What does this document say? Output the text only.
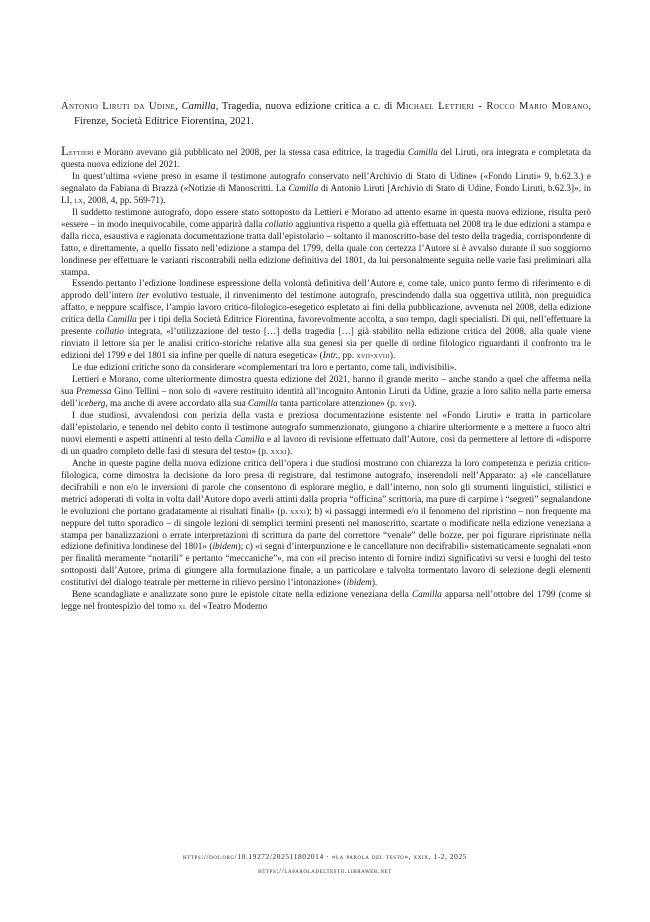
Antonio Liruti da Udine, Camilla, Tragedia, nuova edizione critica a c. di Michael Lettieri - Rocco Mario Morano, Firenze, Società Editrice Fiorentina, 2021.

Lettieri e Morano avevano già pubblicato nel 2008, per la stessa casa editrice, la tragedia Camilla del Liruti, ora integrata e completata da questa nuova edizione del 2021.

In quest’ultima «viene preso in esame il testimone autografo conservato nell’Archivio di Stato di Udine» («Fondo Liruti» 9, b.62.3.) e segnalato da Fabiana di Brazzà («Notizie di Manoscritti. La Camilla di Antonio Liruti [Archivio di Stato di Udine, Fondo Liruti, b.62.3]», in LI, lx, 2008, 4, pp. 569-71).

Il suddetto testimone autografo, dopo essere stato sottoposto da Lettieri e Morano ad attento esame in questa nuova edizione, risulta però «essere – in modo inequivocabile, come apparirà dalla collatio aggiuntiva rispetto a quella già effettuata nel 2008 tra le due edizioni a stampa e dalla ricca, esaustiva e ragionata documentazione tratta dall’epistolario – soltanto il manoscritto-base del testo della tragedia, corrispondente di fatto, e direttamente, a quello fissato nell’edizione a stampa del 1799, della quale con certezza l’Autore si è avvalso durante il suo soggiorno londinese per effettuare le varianti riscontrabili nella edizione definitiva del 1801, da lui personalmente seguita nelle varie fasi preliminari alla stampa.

Essendo pertanto l’edizione londinese espressione della volontà definitiva dell’Autore e, come tale, unico punto fermo di riferimento e di approdo dell’intero iter evolutivo testuale, il rinvenimento del testimone autografo, prescindendo dalla sua oggettiva utilità, non preguidica affatto, e neppure scalfisce, l’ampio lavoro critico-filologico-esegetico espletato ai fini della pubblicazione, avvenuta nel 2008, della edizione critica della Camilla per i tipi della Società Editrice Fiorentina, favorevolmente accolta, a suo tempo, dagli specialisti. Di qui, nell’effettuare la presente collatio integrata, «l’utilizzazione del testo […] della tragedia […] già stabilito nella edizione critica del 2008, alla quale viene rinviato il lettore sia per le analisi critico-storiche relative alla sua genesi sia per quelle di ordine filologico riguardanti il confronto tra le edizioni del 1799 e del 1801 sia infine per quelle di natura esegetica» (Intr., pp. xvii-xviii).

Le due edizioni critiche sono da considerare «complementari tra loro e pertanto, come tali, indivisibili».

Lettieri e Morano, come ulteriormente dimostra questa edizione del 2021, hanno il grande merito – anche stando a quel che afferma nella sua Premessa Gino Tellini – non solo di «avere restituito identità all’incognito Antonio Liruti da Udine, grazie a loro salito nella parte emersa dell’iceberg, ma anche di avere accordato alla sua Camilla tanta particolare attenzione» (p. xvi).

I due studiosi, avvalendosi con perizia della vasta e preziosa documentazione esistente nel «Fondo Liruti» e tratta in particolare dall’epistolario, e tenendo nel debito conto il testimone autografo summenzionato, giungono a chiarire ulteriormente e a mettere a fuoco altri nuovi elementi e aspetti attinenti al testo della Camilla e al lavoro di revisione effettuato dall’Autore, così da permettere al lettore di «disporre di un quadro completo delle fasi di stesura del testo» (p. xxxi).

Anche in queste pagine della nuova edizione critica dell’opera i due studiosi mostrano con chiarezza la loro competenza e perizia critico-filologica, come dimostra la decisione da loro presa di registrare, dal testimone autografo, inserendoli nell’Apparato: a) «le cancellature decifrabili e non e/o le inversioni di parole che consentono di esplorare meglio, e dall’interno, non solo gli strumenti linguistici, stilistici e metrici adoperati di volta in volta dall’Autore dopo averli attinti dalla propria “officina” scrittoria, ma pure di carpirne i “segreti” segnalandone le evoluzioni che portano gradatamente ai risultati finali» (p. xxxi); b) «i passaggi intermedi e/o il fenomeno del ripristino – non frequente ma neppure del tutto sporadico – di singole lezioni di semplici termini presenti nel manoscritto, scartate o modificate nella edizione veneziana a stampa per banalizzazioni o errate interpretazioni di scrittura da parte del correttore “venale” delle bozze, per poi figurare ripristinate nella edizione definitiva londinese del 1801» (ibidem); c) «i segni d’interpunzione e le cancellature non decifrabili» sistematicamente segnalati «non per finalità meramente “notarili” e pertanto “meccaniche”», ma con «il preciso intento di fornire indizi significativi su versi e luoghi del testo sottoposti dall’Autore, prima di giungere alla formulazione finale, a un particolare e talvolta tormentato lavoro di selezione degli elementi costitutivi del dialogo teatrale per metterne in rilievo persino l’intonazione» (ibidem).

Bene scandagliate e analizzate sono pure le epistole citate nella edizione veneziana della Camilla apparsa nell’ottobre del 1799 (come si legge nel frontespizio del tomo xl del «Teatro Moderno

https://doi.org/10.19272/202511802014 · «la parola del testo», xxix, 1-2, 2025
https://laparoladeltesto.libraweb.net
